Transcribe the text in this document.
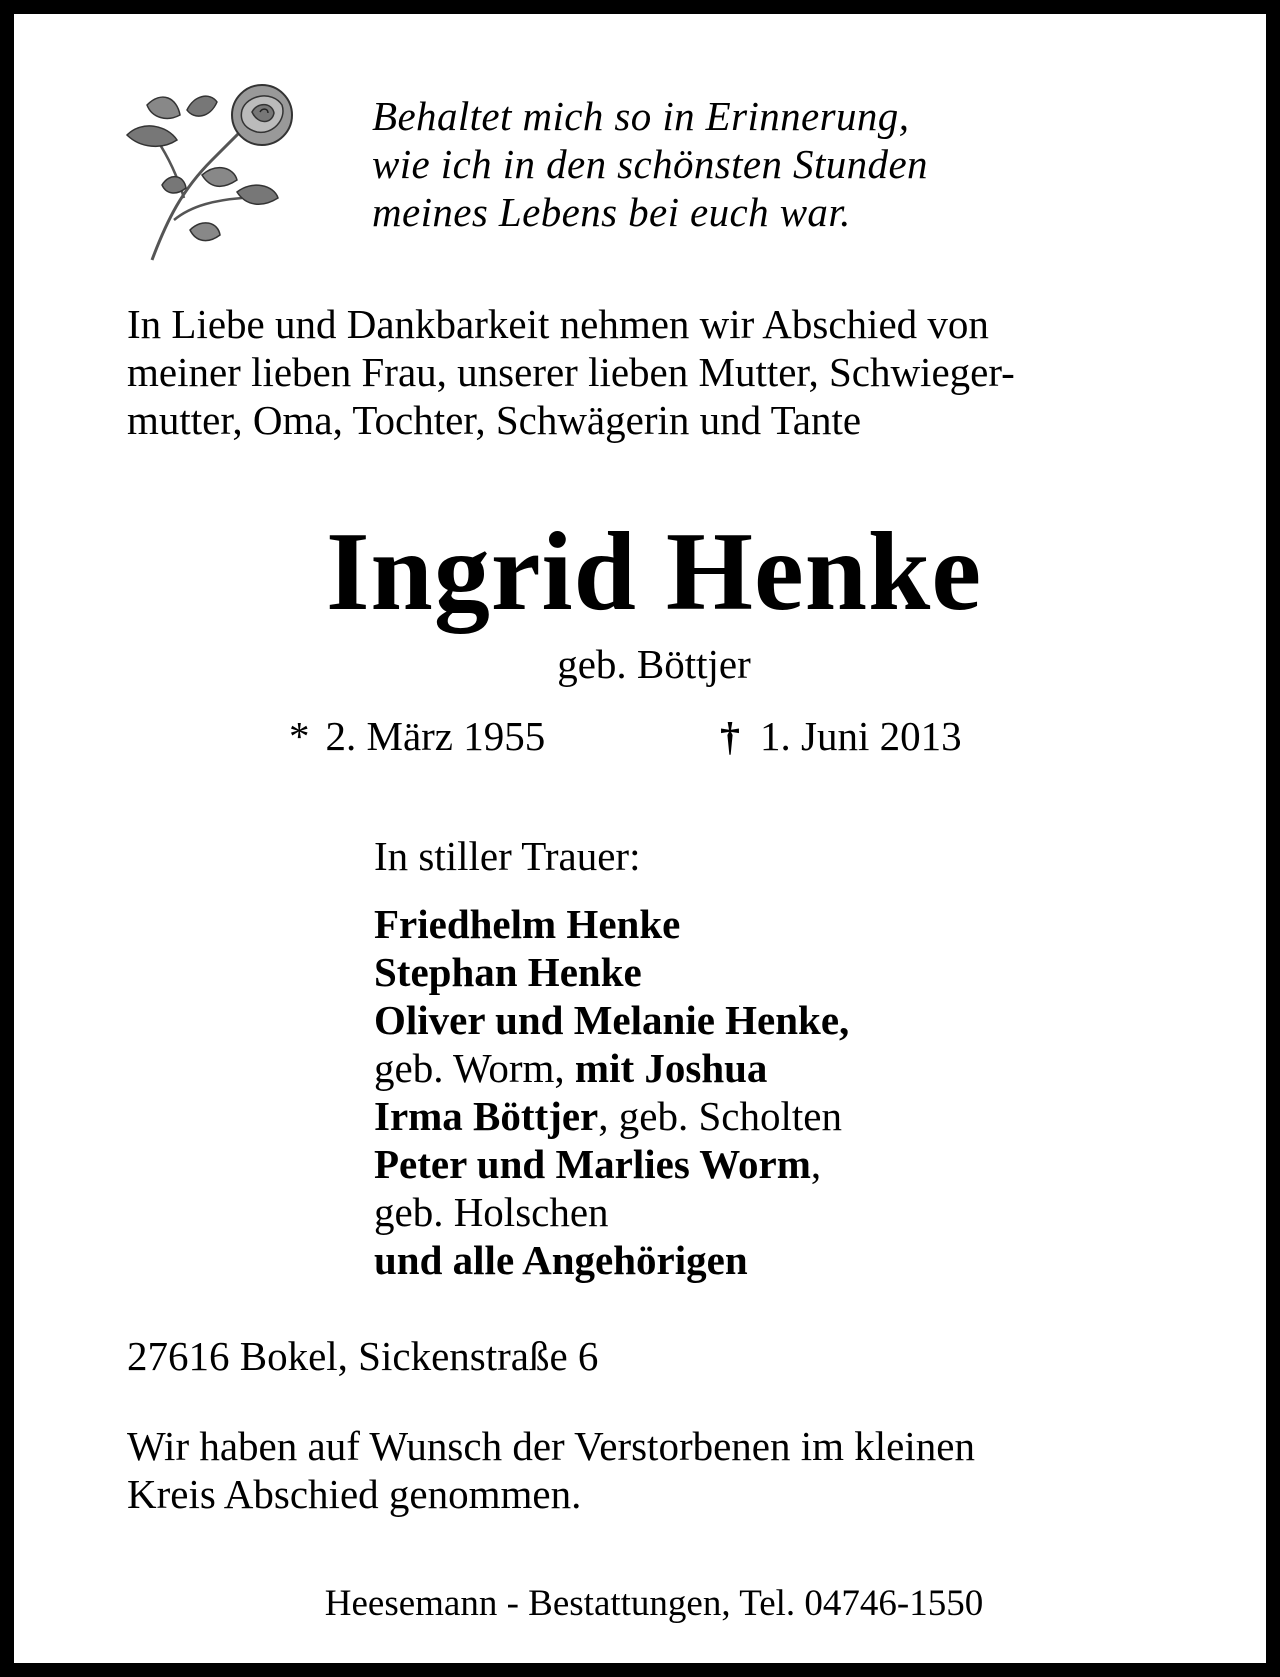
Behaltet mich so in Erinnerung,
wie ich in den schönsten Stunden
meines Lebens bei euch war.
In Liebe und Dankbarkeit nehmen wir Abschied von
meiner lieben Frau, unserer lieben Mutter, Schwieger-
mutter, Oma, Tochter, Schwägerin und Tante
Ingrid Henke
geb. Böttjer
* 2. März 1955	† 1. Juni 2013
In stiller Trauer:
Friedhelm Henke
Stephan Henke
Oliver und Melanie Henke,
geb. Worm, mit Joshua
Irma Böttjer, geb. Scholten
Peter und Marlies Worm,
geb. Holschen
und alle Angehörigen
27616 Bokel, Sickenstraße 6
Wir haben auf Wunsch der Verstorbenen im kleinen
Kreis Abschied genommen.
Heesemann - Bestattungen, Tel. 04746-1550
